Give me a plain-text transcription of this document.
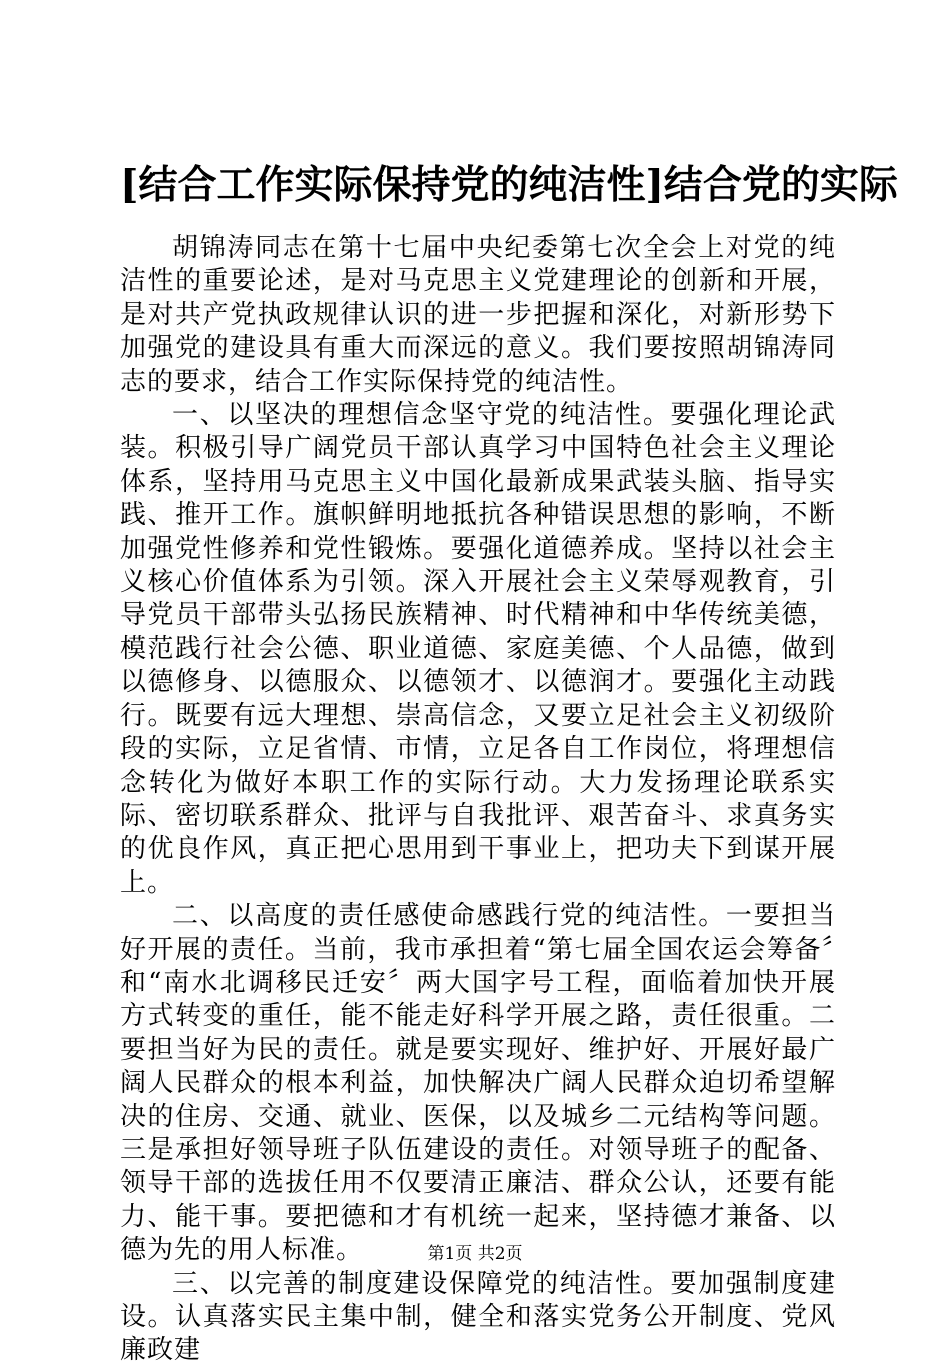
[结合工作实际保持党的纯洁性]结合党的实际

胡锦涛同志在第十七届中央纪委第七次全会上对党的纯洁性的重要论述，是对马克思主义党建理论的创新和开展，是对共产党执政规律认识的进一步把握和深化，对新形势下加强党的建设具有重大而深远的意义。我们要按照胡锦涛同志的要求，结合工作实际保持党的纯洁性。

一、以坚决的理想信念坚守党的纯洁性。要强化理论武装。积极引导广阔党员干部认真学习中国特色社会主义理论体系，坚持用马克思主义中国化最新成果武装头脑、指导实践、推开工作。旗帜鲜明地抵抗各种错误思想的影响，不断加强党性修养和党性锻炼。要强化道德养成。坚持以社会主义核心价值体系为引领。深入开展社会主义荣辱观教育，引导党员干部带头弘扬民族精神、时代精神和中华传统美德，模范践行社会公德、职业道德、家庭美德、个人品德，做到以德修身、以德服众、以德领才、以德润才。要强化主动践行。既要有远大理想、崇高信念，又要立足社会主义初级阶段的实际，立足省情、市情，立足各自工作岗位，将理想信念转化为做好本职工作的实际行动。大力发扬理论联系实际、密切联系群众、批评与自我批评、艰苦奋斗、求真务实的优良作风，真正把心思用到干事业上，把功夫下到谋开展上。

二、以高度的责任感使命感践行党的纯洁性。一要担当好开展的责任。当前，我市承担着“第七届全国农运会筹备〞和“南水北调移民迁安〞两大国字号工程，面临着加快开展方式转变的重任，能不能走好科学开展之路，责任很重。二要担当好为民的责任。就是要实现好、维护好、开展好最广阔人民群众的根本利益，加快解决广阔人民群众迫切希望解决的住房、交通、就业、医保，以及城乡二元结构等问题。三是承担好领导班子队伍建设的责任。对领导班子的配备、领导干部的选拔任用不仅要清正廉洁、群众公认，还要有能力、能干事。要把德和才有机统一起来，坚持德才兼备、以德为先的用人标准。

三、以完善的制度建设保障党的纯洁性。要加强制度建设。认真落实民主集中制，健全和落实党务公开制度、党风廉政建

第1页 共2页
